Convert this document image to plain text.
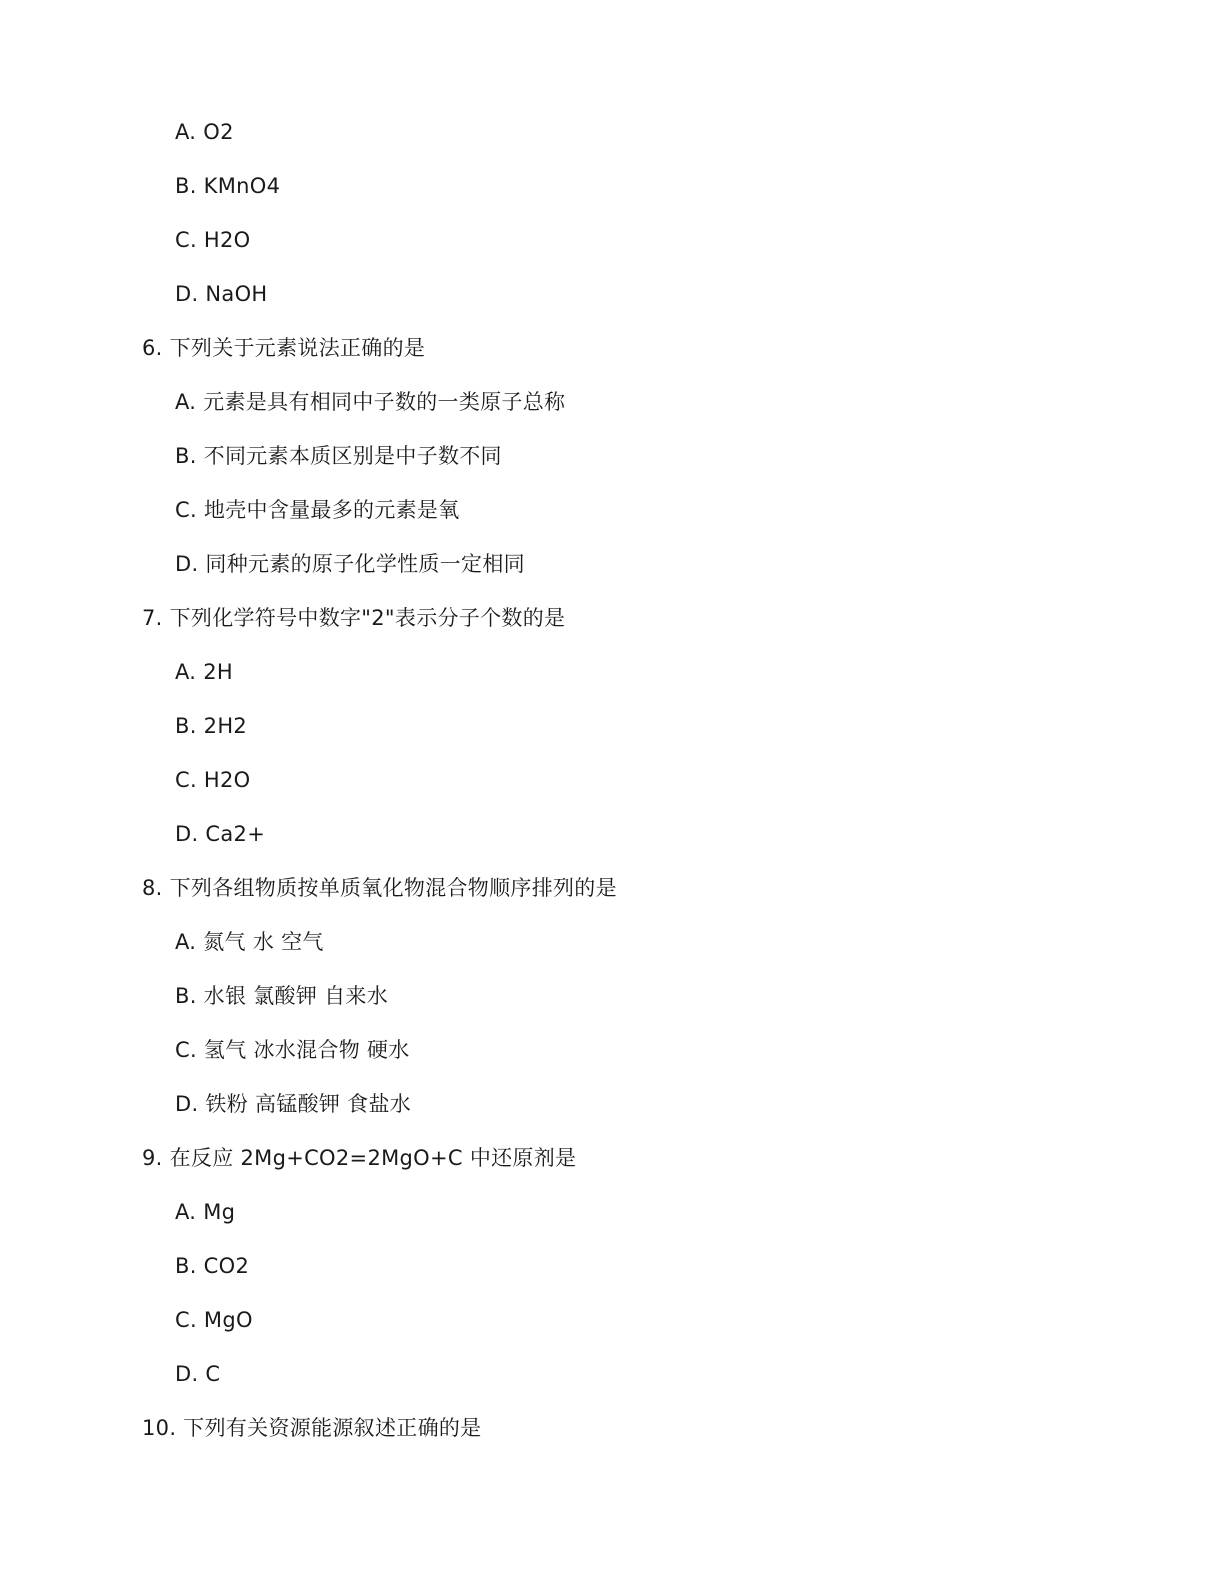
A. O2
B. KMnO4
C. H2O
D. NaOH
6. 下列关于元素说法正确的是
A. 元素是具有相同中子数的一类原子总称
B. 不同元素本质区别是中子数不同
C. 地壳中含量最多的元素是氧
D. 同种元素的原子化学性质一定相同
7. 下列化学符号中数字"2"表示分子个数的是
A. 2H
B. 2H2
C. H2O
D. Ca2+
8. 下列各组物质按单质氧化物混合物顺序排列的是
A. 氮气 水 空气
B. 水银 氯酸钾 自来水
C. 氢气 冰水混合物 硬水
D. 铁粉 高锰酸钾 食盐水
9. 在反应 2Mg+CO2=2MgO+C 中还原剂是
A. Mg
B. CO2
C. MgO
D. C
10. 下列有关资源能源叙述正确的是
